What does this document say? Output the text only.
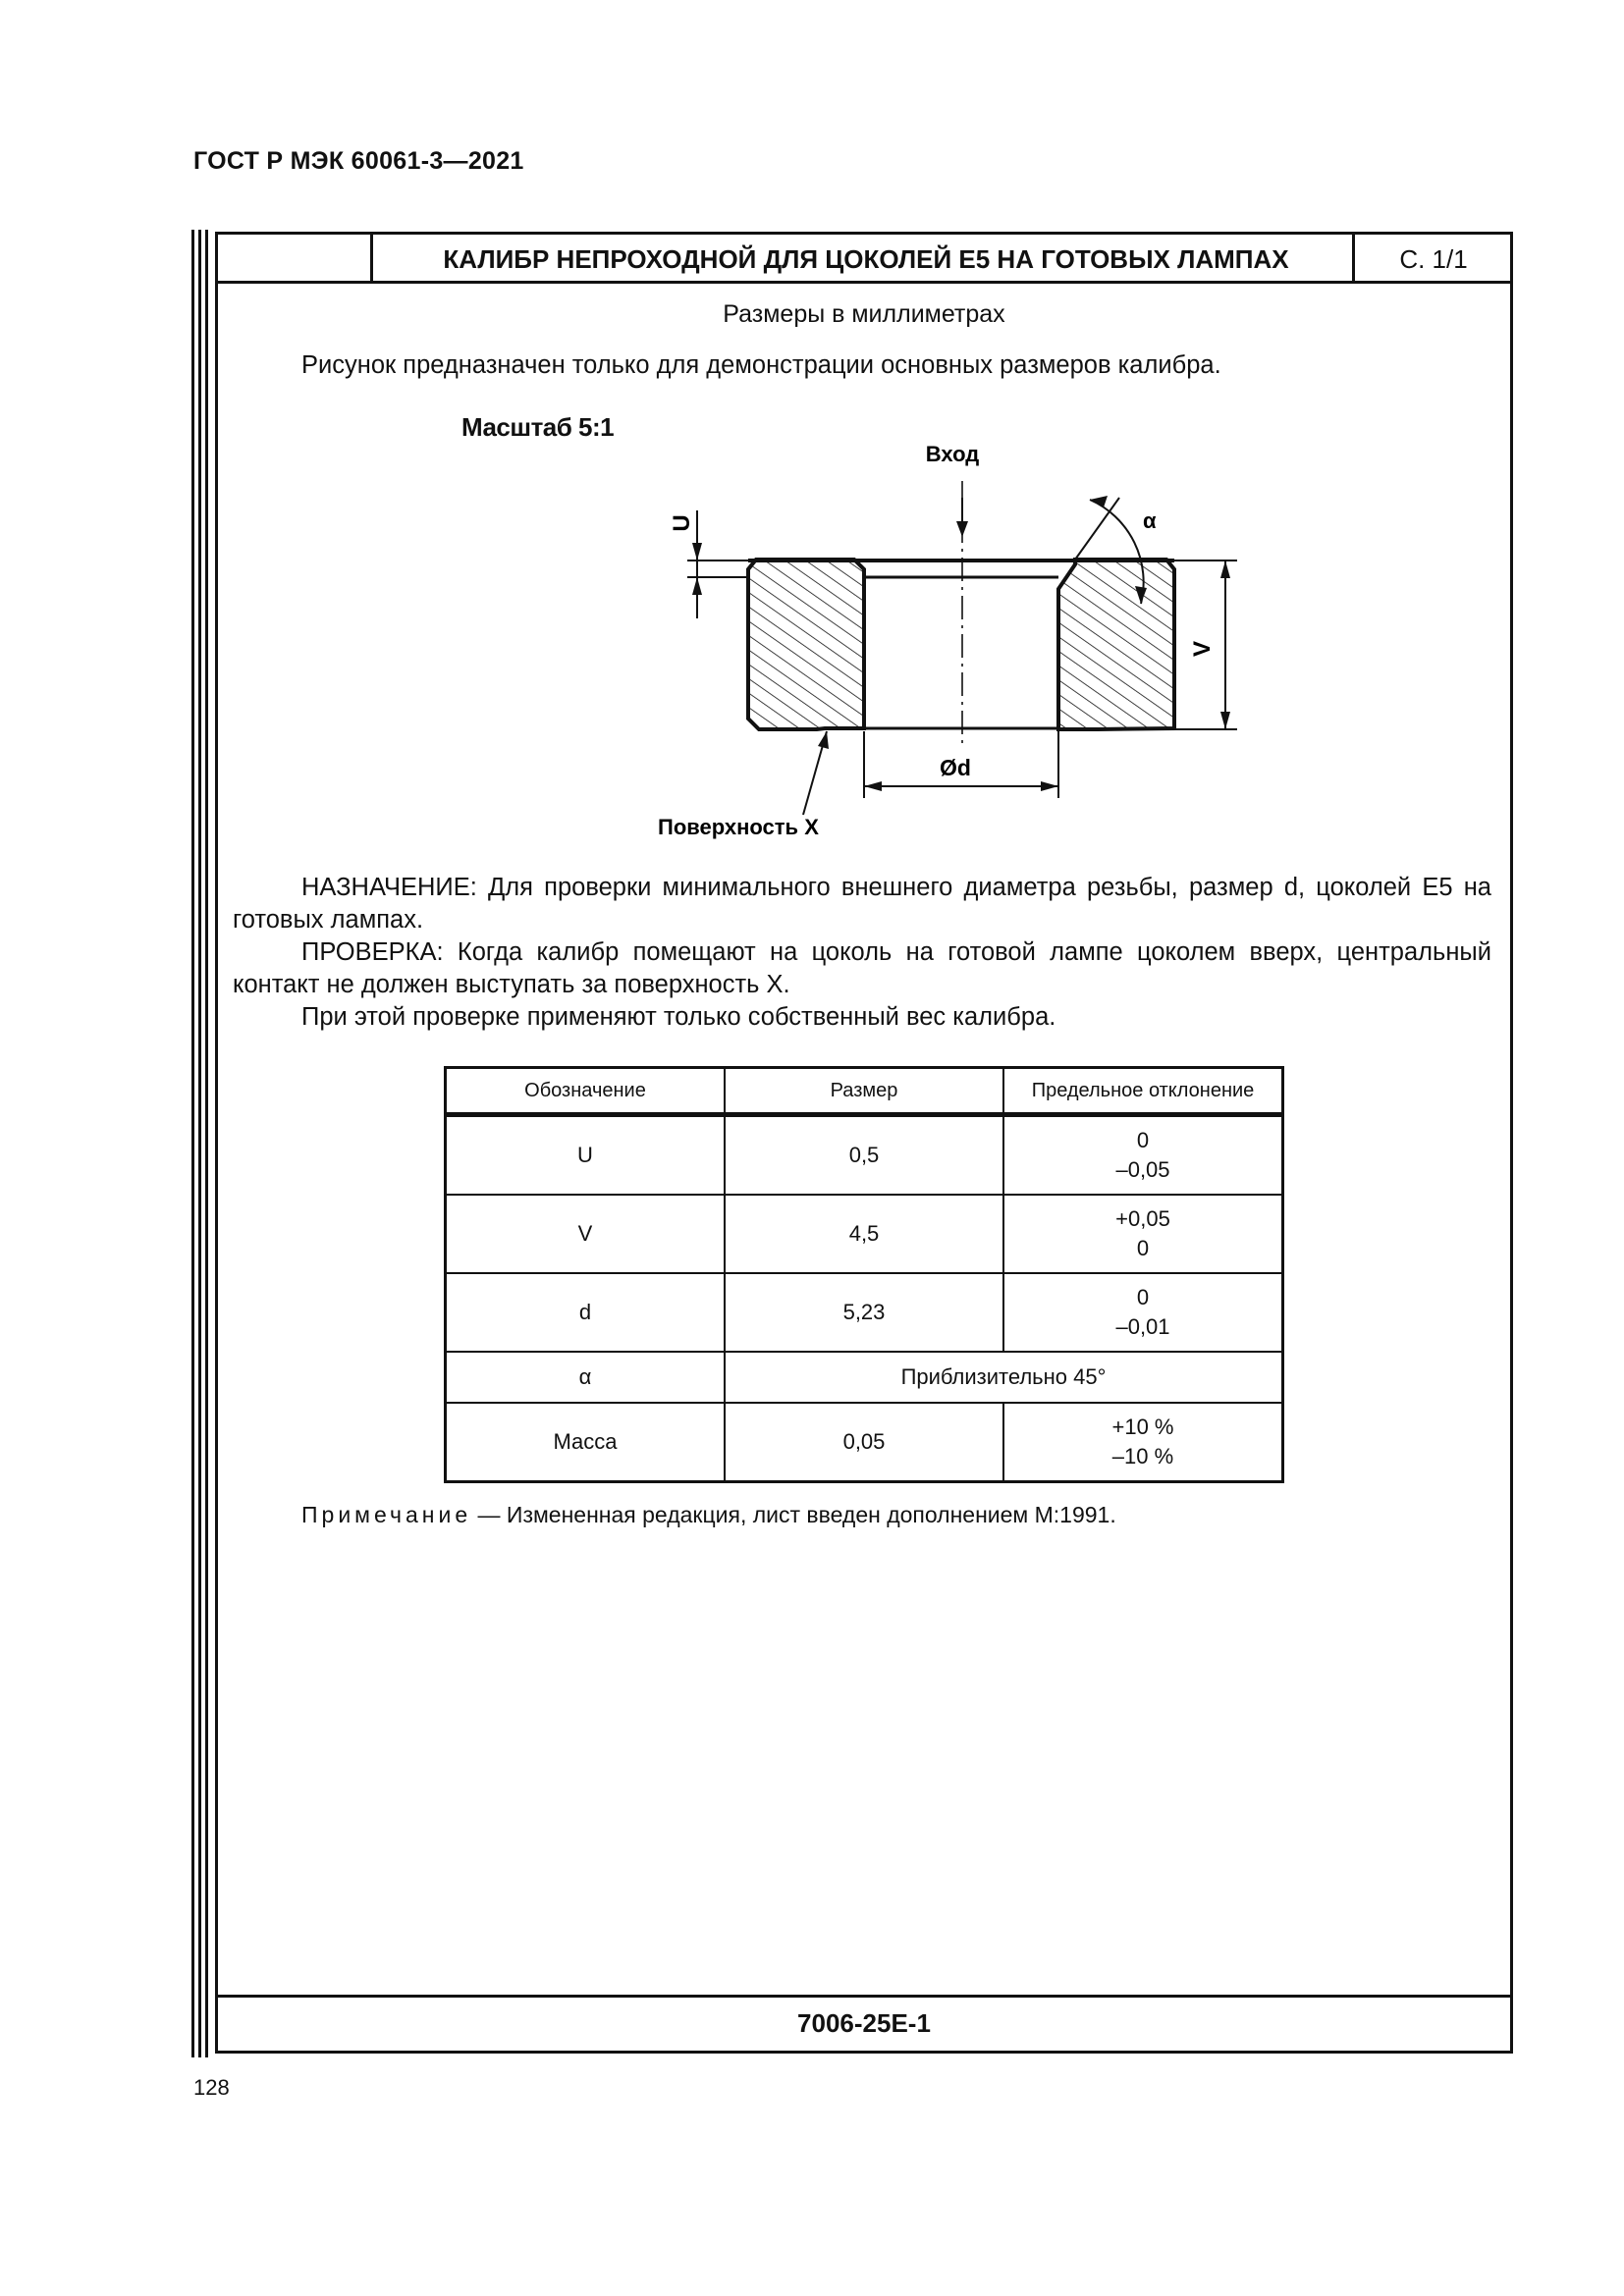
ГОСТ Р МЭК 60061-3—2021
КАЛИБР НЕПРОХОДНОЙ ДЛЯ ЦОКОЛЕЙ Е5 НА ГОТОВЫХ ЛАМПАХ	С. 1/1
Размеры в миллиметрах
Рисунок предназначен только для демонстрации основных размеров калибра.
Масштаб 5:1
Вход
U
V
Ød
α
Поверхность X
НАЗНАЧЕНИЕ: Для проверки минимального внешнего диаметра резьбы, размер d, цоколей Е5 на готовых лампах.
ПРОВЕРКА: Когда калибр помещают на цоколь на готовой лампе цоколем вверх, центральный контакт не должен выступать за поверхность X.
При этой проверке применяют только собственный вес калибра.
Обозначение	Размер	Предельное отклонение
U	0,5	0
–0,05

V	4,5	+0,05
0

d	5,23	0
–0,01

α	Приблизительно 45°	
Масса	0,05	+10 %
–10 %
Примечание — Измененная редакция, лист введен дополнением М:1991.
7006-25E-1
128
